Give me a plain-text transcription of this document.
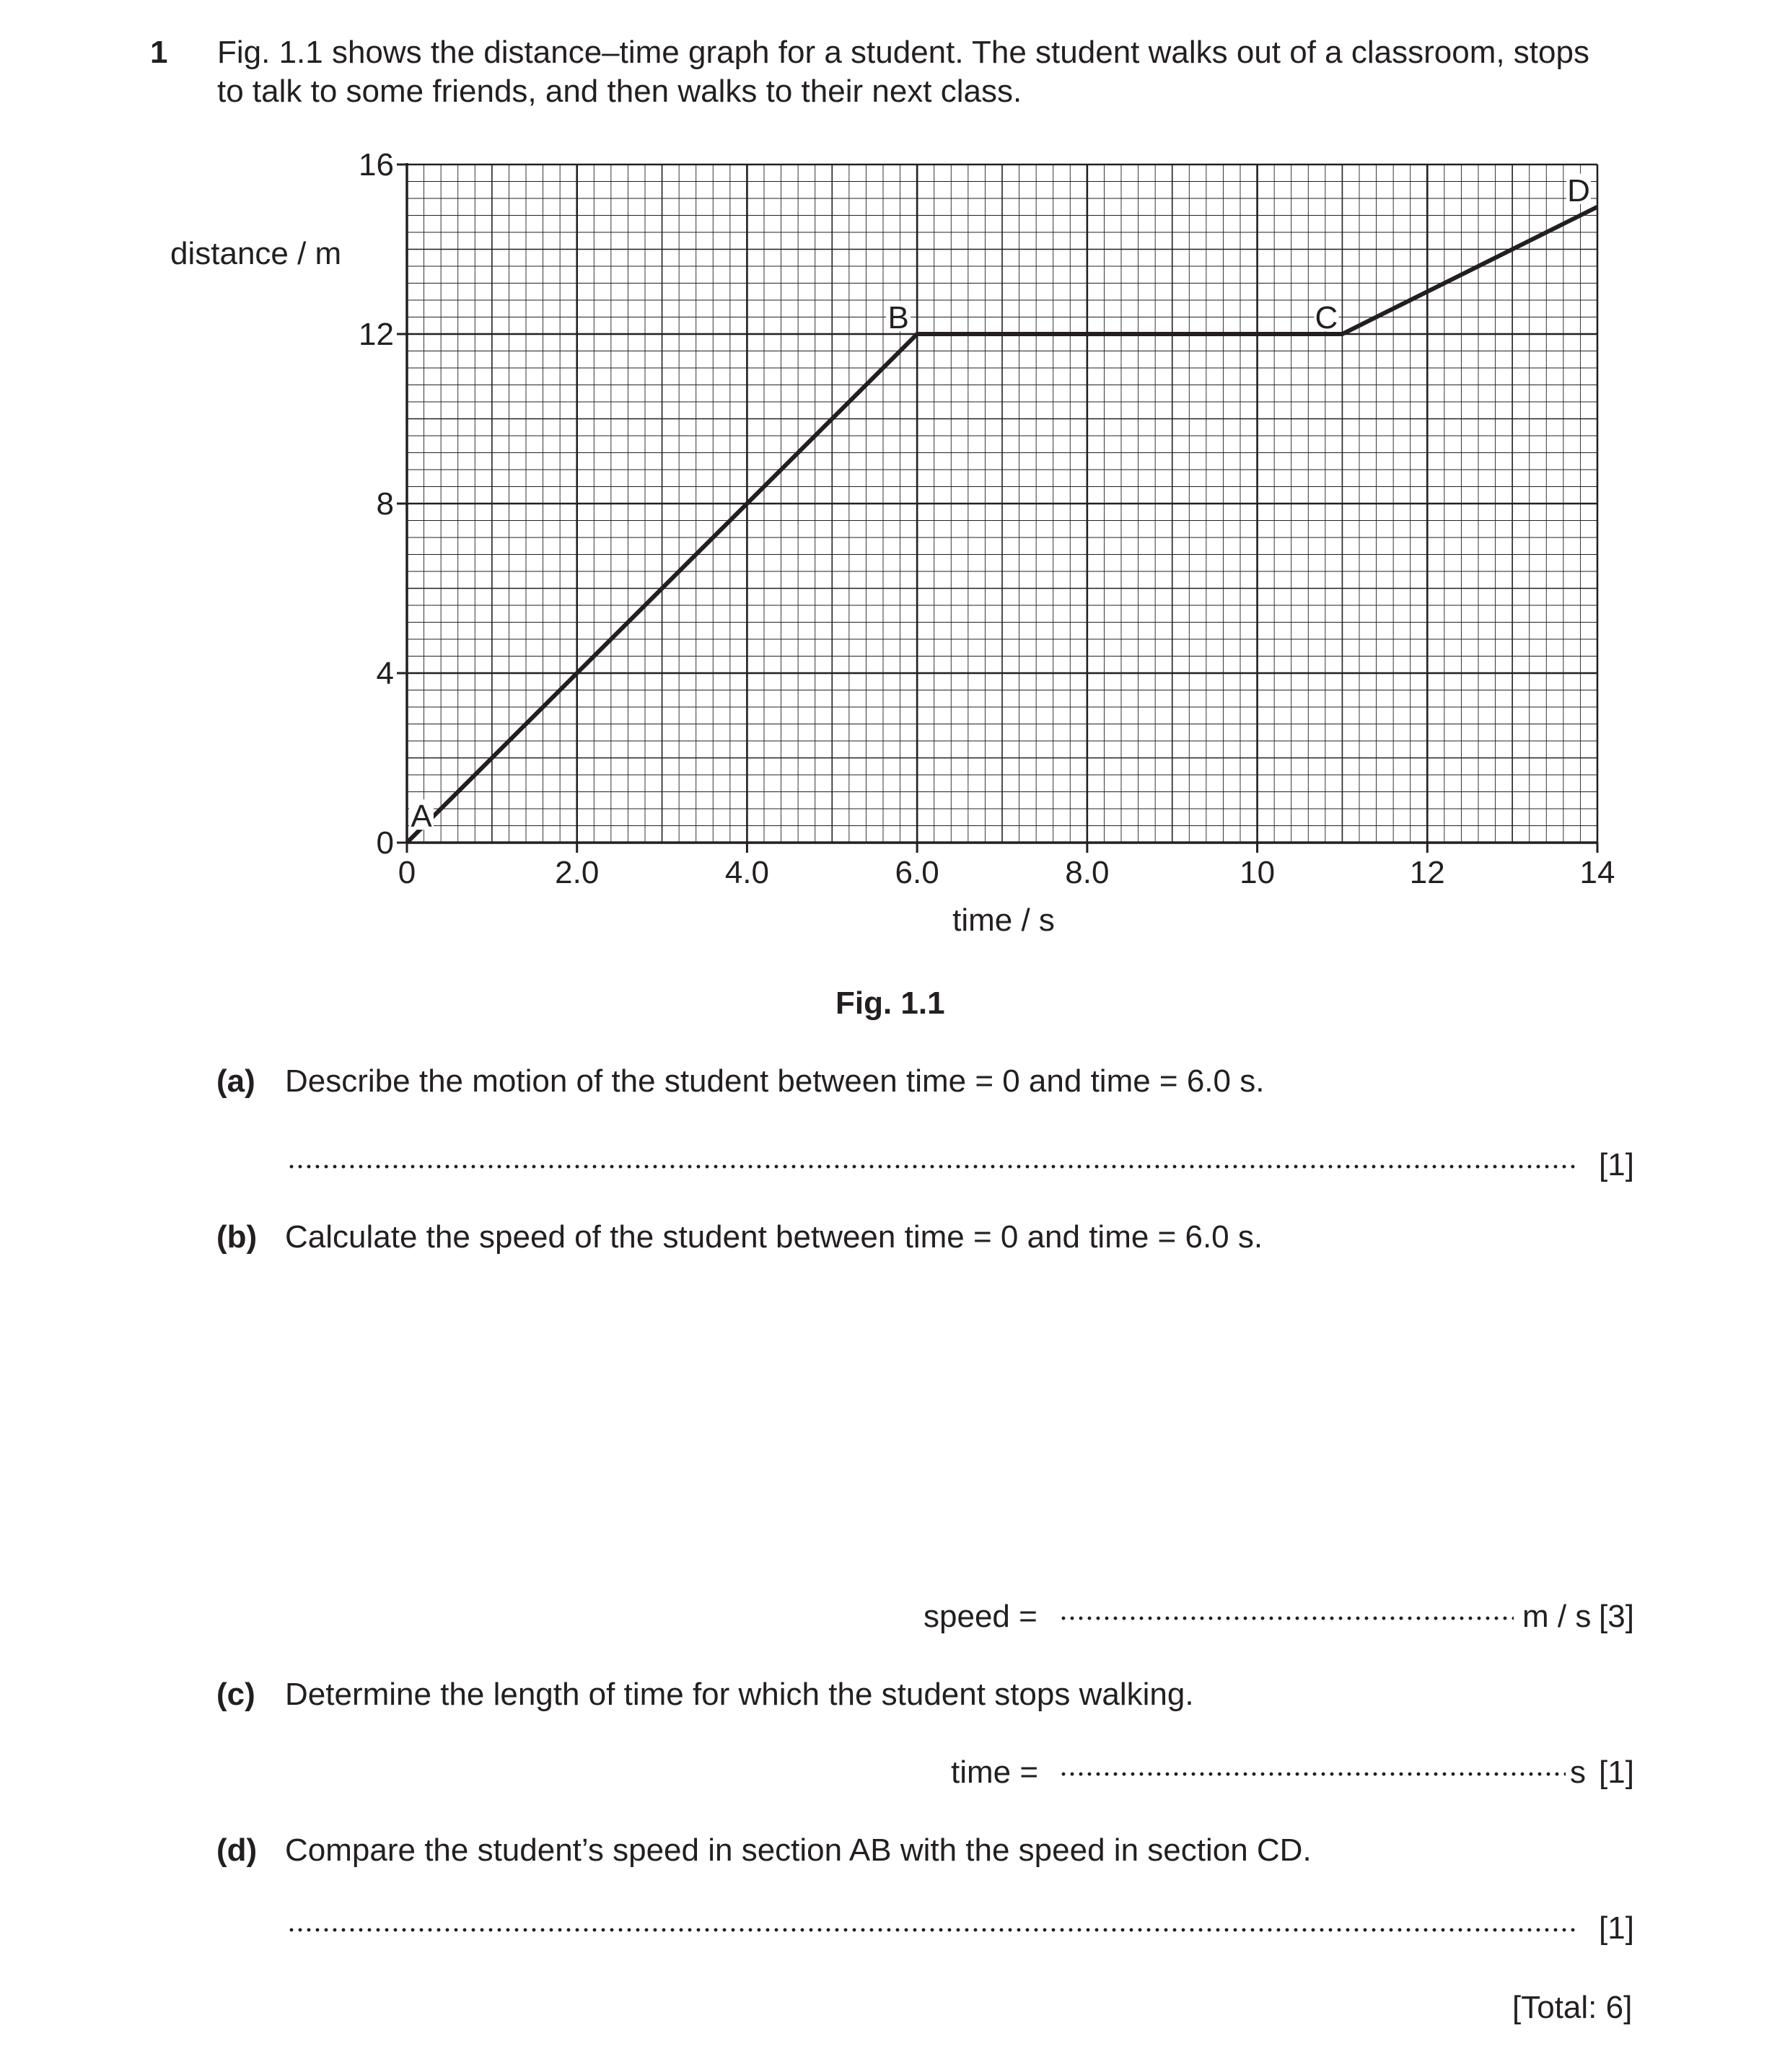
1 Fig. 1.1 shows the distance–time graph for a student. The student walks out of a classroom, stops
to talk to some friends, and then walks to their next class.
0	2.0	4.0	6.0	8.0	10	12	14
0
4
8
12
16
distance / m
time / s
A
B	C
D
Fig. 1.1
(a) Describe the motion of the student between time = 0 and time = 6.0 s.
[1]
(b) Calculate the speed of the student between time = 0 and time = 6.0 s.
speed =	m / s [3]
(c) Determine the length of time for which the student stops walking.
time =	s [1]
(d) Compare the student’s speed in section AB with the speed in section CD.
[1]
[Total: 6]
